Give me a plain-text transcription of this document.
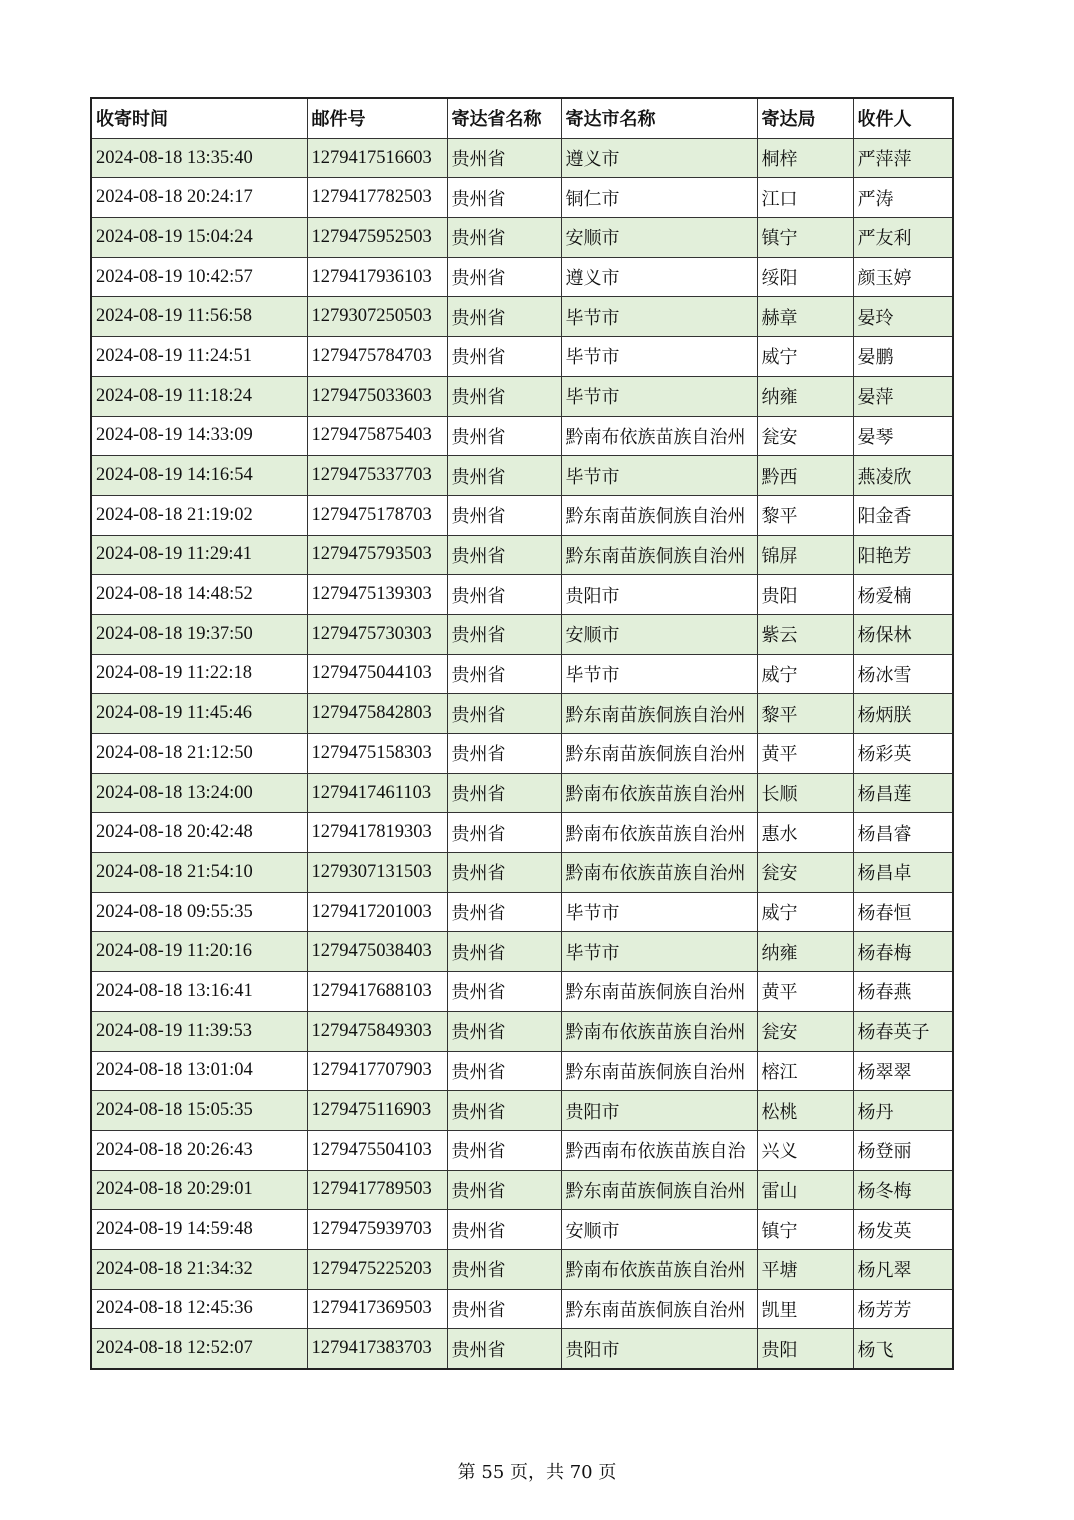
收寄时间	邮件号	寄达省名称	寄达市名称	寄达局	收件人
2024-08-18 13:35:40	1279417516603	贵州省	遵义市	桐梓	严萍萍
2024-08-18 20:24:17	1279417782503	贵州省	铜仁市	江口	严涛
2024-08-19 15:04:24	1279475952503	贵州省	安顺市	镇宁	严友利
2024-08-19 10:42:57	1279417936103	贵州省	遵义市	绥阳	颜玉婷
2024-08-19 11:56:58	1279307250503	贵州省	毕节市	赫章	晏玲
2024-08-19 11:24:51	1279475784703	贵州省	毕节市	威宁	晏鹏
2024-08-19 11:18:24	1279475033603	贵州省	毕节市	纳雍	晏萍
2024-08-19 14:33:09	1279475875403	贵州省	黔南布依族苗族自治州	瓮安	晏琴
2024-08-19 14:16:54	1279475337703	贵州省	毕节市	黔西	燕凌欣
2024-08-18 21:19:02	1279475178703	贵州省	黔东南苗族侗族自治州	黎平	阳金香
2024-08-19 11:29:41	1279475793503	贵州省	黔东南苗族侗族自治州	锦屏	阳艳芳
2024-08-18 14:48:52	1279475139303	贵州省	贵阳市	贵阳	杨爱楠
2024-08-18 19:37:50	1279475730303	贵州省	安顺市	紫云	杨保林
2024-08-19 11:22:18	1279475044103	贵州省	毕节市	威宁	杨冰雪
2024-08-19 11:45:46	1279475842803	贵州省	黔东南苗族侗族自治州	黎平	杨炳朕
2024-08-18 21:12:50	1279475158303	贵州省	黔东南苗族侗族自治州	黄平	杨彩英
2024-08-18 13:24:00	1279417461103	贵州省	黔南布依族苗族自治州	长顺	杨昌莲
2024-08-18 20:42:48	1279417819303	贵州省	黔南布依族苗族自治州	惠水	杨昌睿
2024-08-18 21:54:10	1279307131503	贵州省	黔南布依族苗族自治州	瓮安	杨昌卓
2024-08-18 09:55:35	1279417201003	贵州省	毕节市	威宁	杨春恒
2024-08-19 11:20:16	1279475038403	贵州省	毕节市	纳雍	杨春梅
2024-08-18 13:16:41	1279417688103	贵州省	黔东南苗族侗族自治州	黄平	杨春燕
2024-08-19 11:39:53	1279475849303	贵州省	黔南布依族苗族自治州	瓮安	杨春英子
2024-08-18 13:01:04	1279417707903	贵州省	黔东南苗族侗族自治州	榕江	杨翠翠
2024-08-18 15:05:35	1279475116903	贵州省	贵阳市	松桃	杨丹
2024-08-18 20:26:43	1279475504103	贵州省	黔西南布依族苗族自治	兴义	杨登丽
2024-08-18 20:29:01	1279417789503	贵州省	黔东南苗族侗族自治州	雷山	杨冬梅
2024-08-19 14:59:48	1279475939703	贵州省	安顺市	镇宁	杨发英
2024-08-18 21:34:32	1279475225203	贵州省	黔南布依族苗族自治州	平塘	杨凡翠
2024-08-18 12:45:36	1279417369503	贵州省	黔东南苗族侗族自治州	凯里	杨芳芳
2024-08-18 12:52:07	1279417383703	贵州省	贵阳市	贵阳	杨飞
第 55 页，共 70 页
